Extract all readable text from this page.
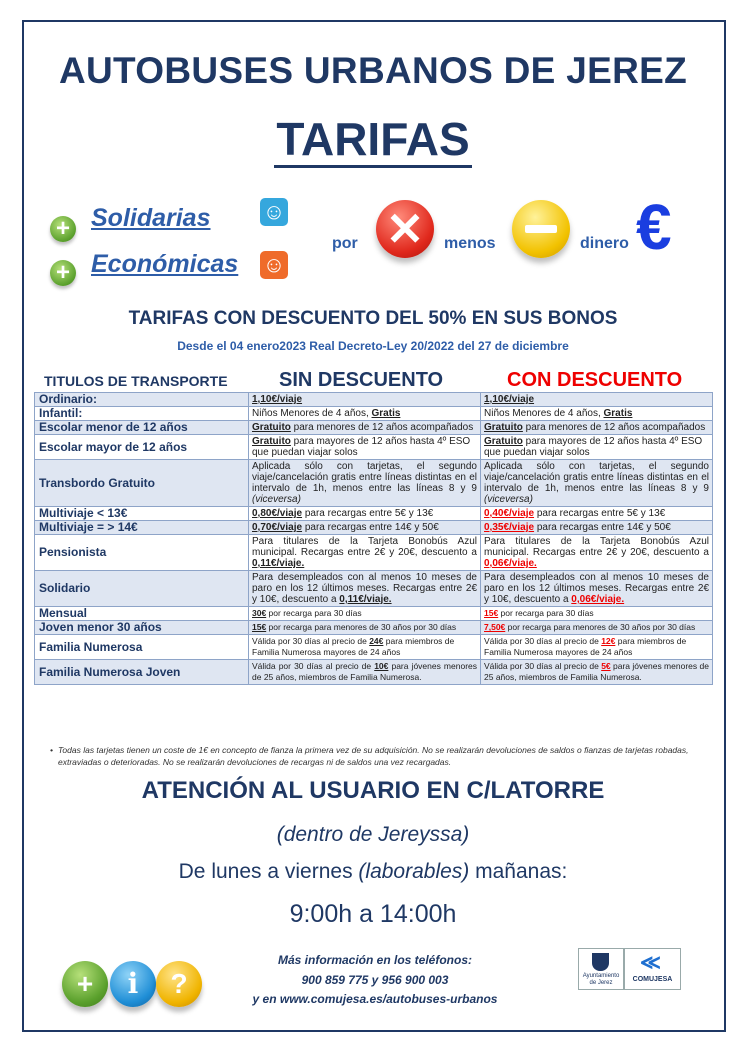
AUTOBUSES URBANOS DE JEREZ
TARIFAS
+
+
Solidarias
Económicas
☺
☺
por ✕	menos	dinero €
TARIFAS CON DESCUENTO DEL 50% EN SUS BONOS
Desde el 04 enero2023 Real Decreto-Ley 20/2022 del 27 de diciembre
TITULOS DE TRANSPORTE	SIN DESCUENTO	CON DESCUENTO
Ordinario:	1,10€/viaje	1,10€/viaje
Infantil:	Niños Menores de 4 años, Gratis	Niños Menores de 4 años, Gratis
Escolar menor de 12 años	Gratuito para menores de 12 años acompañados	Gratuito para menores de 12 años acompañados
Escolar mayor de 12 años	Gratuito para mayores de 12 años hasta 4º ESO que puedan viajar solos	Gratuito para mayores de 12 años hasta 4º ESO que puedan viajar solos
Transbordo Gratuito	Aplicada sólo con tarjetas, el segundo viaje/cancelación gratis entre líneas distintas en el intervalo de 1h, menos entre las líneas 8 y 9 (viceversa)	Aplicada sólo con tarjetas, el segundo viaje/cancelación gratis entre líneas distintas en el intervalo de 1h, menos entre las líneas 8 y 9 (viceversa)
Multiviaje < 13€	0,80€/viaje para recargas entre 5€ y 13€	0,40€/viaje para recargas entre 5€ y 13€
Multiviaje = > 14€	0,70€/viaje para recargas entre 14€ y 50€	0,35€/viaje para recargas entre 14€ y 50€
Pensionista	Para titulares de la Tarjeta Bonobús Azul municipal. Recargas entre 2€ y 20€, descuento a 0,11€/viaje.	Para titulares de la Tarjeta Bonobús Azul municipal. Recargas entre 2€ y 20€, descuento a 0,06€/viaje.
Solidario	Para desempleados con al menos 10 meses de paro en los 12 últimos meses. Recargas entre 2€ y 10€, descuento a 0,11€/viaje.	Para desempleados con al menos 10 meses de paro en los 12 últimos meses. Recargas entre 2€ y 10€, descuento a 0,06€/viaje.
Mensual	30€ por recarga para 30 días	15€ por recarga para 30 días
Joven menor 30 años	15€ por recarga para menores de 30 años por 30 días	7,50€ por recarga para menores de 30 años por 30 días
Familia Numerosa	Válida por 30 días al precio de 24€ para miembros de Familia Numerosa mayores de 24 años	Válida por 30 días al precio de 12€ para miembros de Familia Numerosa mayores de 24 años
Familia Numerosa Joven	Válida por 30 días al precio de 10€ para jóvenes menores de 25 años, miembros de Familia Numerosa.	Válida por 30 días al precio de 5€ para jóvenes menores de 25 años, miembros de Familia Numerosa.
• Todas las tarjetas tienen un coste de 1€ en concepto de fianza la primera vez de su adquisición. No se realizarán devoluciones de saldos o fianzas de tarjetas robadas, extraviadas o deterioradas. No se realizarán devoluciones de recargas ni de saldos una vez recargadas.
ATENCIÓN AL USUARIO EN C/LATORRE
(dentro de Jereyssa)
De lunes a viernes (laborables) mañanas:
9:00h a 14:00h
Más información en los teléfonos:
900 859 775 y 956 900 003
y en www.comujesa.es/autobuses-urbanos
+	i	?	Ayuntamiento
de Jerez
≪
COMUJESA
